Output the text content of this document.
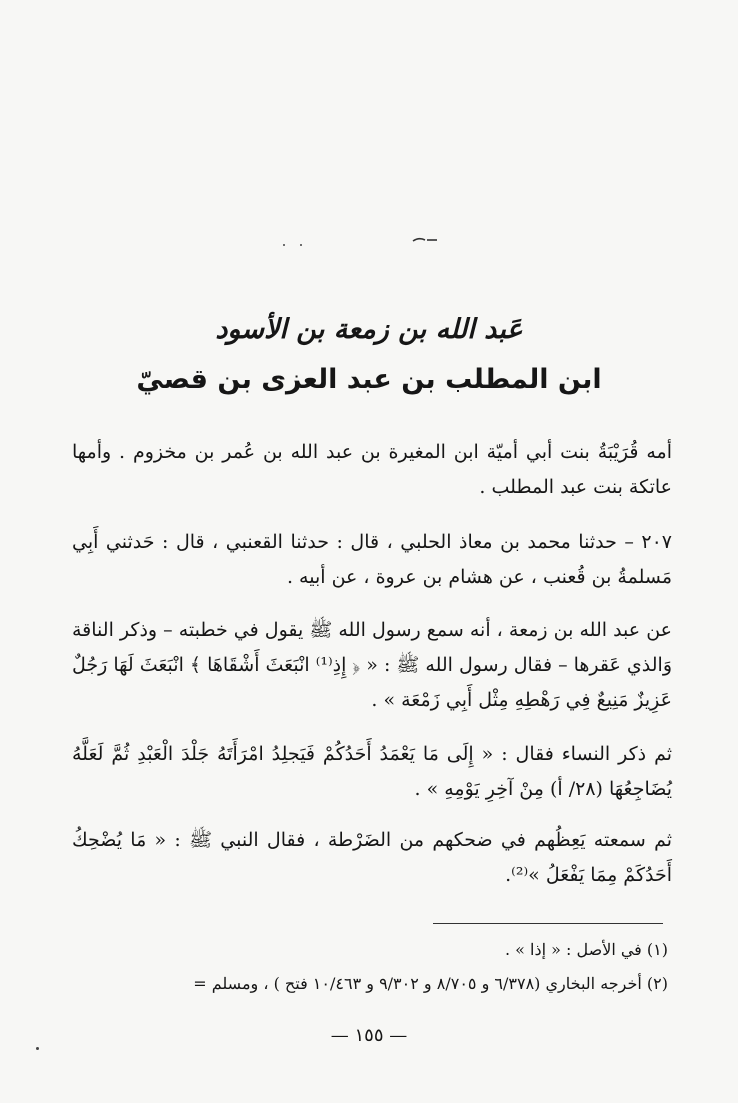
عَبد الله بن زمعة بن الأسود
ابن المطلب بن عبد العزى بن قصيّ
أمه قُرَيْبَةُ بنت أبي أميّة ابن المغيرة بن عبد الله بن عُمر بن مخزوم . وأمها عاتكة بنت عبد المطلب .
٢٠٧ – حدثنا محمد بن معاذ الحلبي ، قال : حدثنا القعنبي ، قال : حَدثني أَبِي مَسلمةُ بن قُعنب ، عن هشام بن عروة ، عن أبيه .
عن عبد الله بن زمعة ، أنه سمع رسول الله ﷺ يقول في خطبته – وذكر الناقة وَالذي عَقرها – فقال رسول الله ﷺ : « ﴿ إِذِ⁽¹⁾ انْبَعَثَ أَشْقَاهَا ﴾ انْبَعَثَ لَهَا رَجُلٌ عَزِيزٌ مَنِيعٌ فِي رَهْطِهِ مِثْل أَبِي زَمْعَة » .
ثم ذكر النساء فقال : « إِلَى مَا يَعْمَدُ أَحَدُكُمْ فَيَجلِدُ امْرَأَتَهُ جَلْدَ الْعَبْدِ ثُمَّ لَعَلَّهُ يُضَاجِعُهَا (٢٨/ أ) مِنْ آخِرِ يَوْمِهِ » .
ثم سمعته يَعِظُهم في ضحكهم من الضَرْطة ، فقال النبي ﷺ : « مَا يُضْحِكُ أَحَدُكَمْ مِمَا يَفْعَلُ »⁽²⁾.
(١) في الأصل : « إذا » .
(٢) أخرجه البخاري (٦/٣٧٨ و ٨/٧٠٥ و ٩/٣٠٢ و ١٠/٤٦٣ فتح ) ، ومسلم =
— ١٥٥ —
